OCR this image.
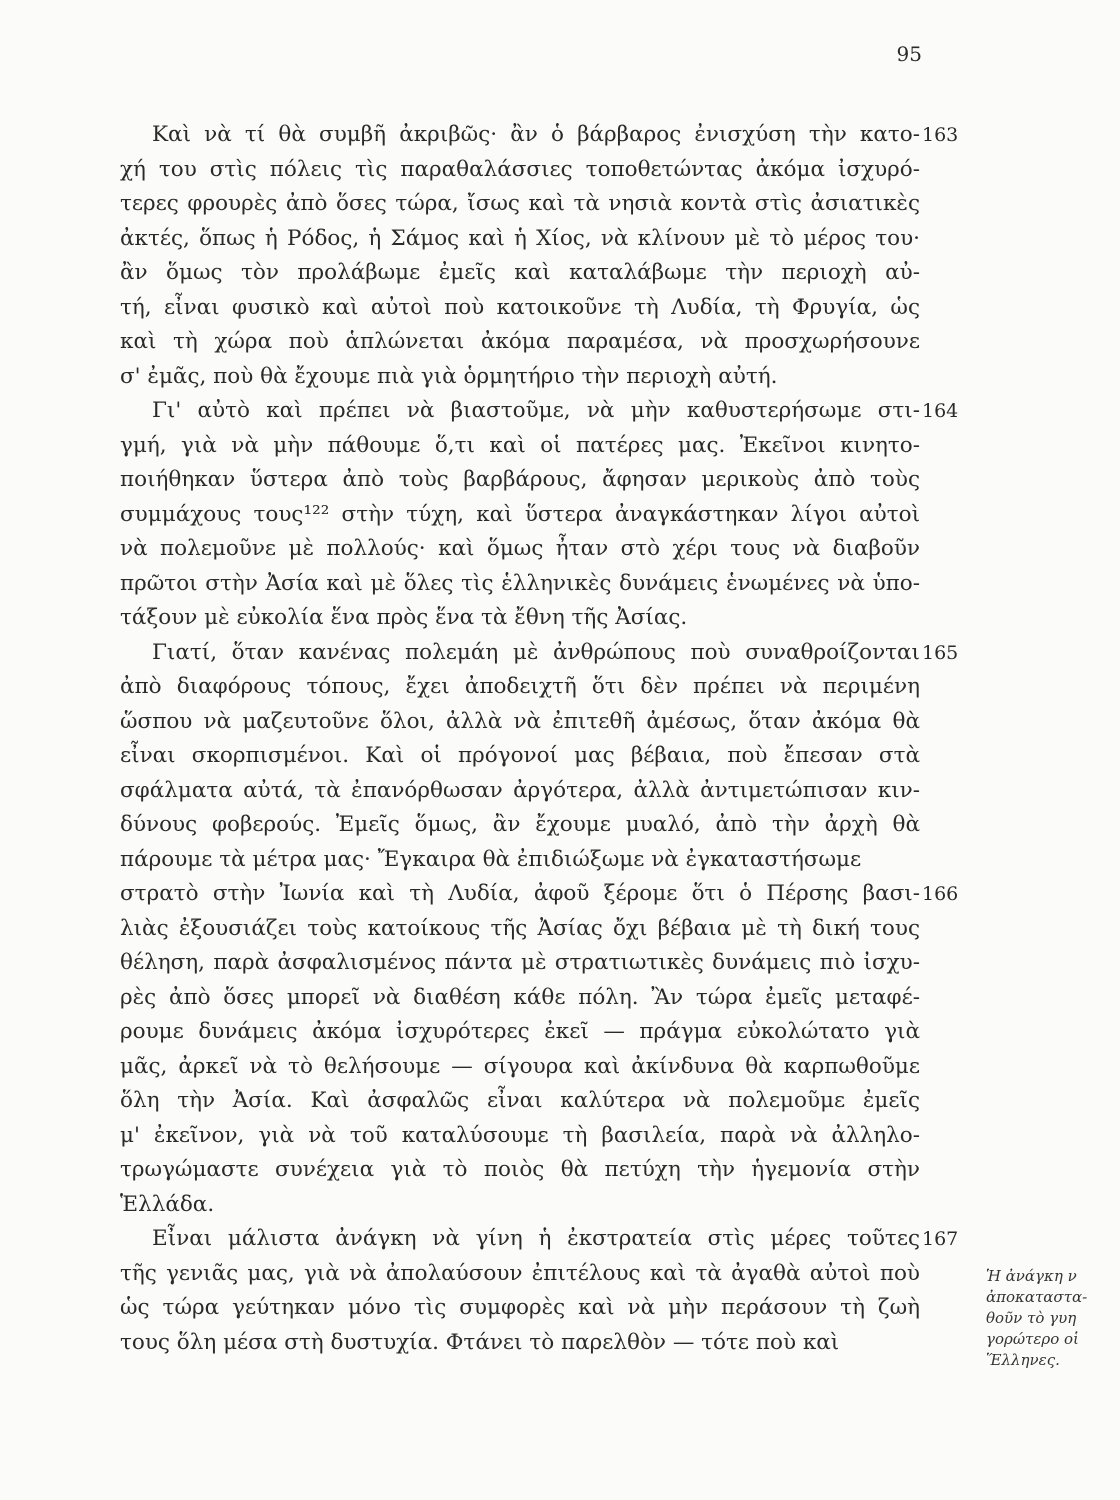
95
Καὶ νὰ τί θὰ συμβῆ ἀκριβῶς· ἂν ὁ βάρβαρος ἐνισχύση τὴν κατο- 163
χή του στὶς πόλεις τὶς παραθαλάσσιες τοποθετώντας ἀκόμα ἰσχυρό-
τερες φρουρὲς ἀπὸ ὅσες τώρα, ἴσως καὶ τὰ νησιὰ κοντὰ στὶς ἀσιατικὲς
ἀκτές, ὅπως ἡ Ρόδος, ἡ Σάμος καὶ ἡ Χίος, νὰ κλίνουν μὲ τὸ μέρος του·
ἂν ὅμως τὸν προλάβωμε ἐμεῖς καὶ καταλάβωμε τὴν περιοχὴ αὐ-
τή, εἶναι φυσικὸ καὶ αὐτοὶ ποὺ κατοικοῦνε τὴ Λυδία, τὴ Φρυγία, ὡς
καὶ τὴ χώρα ποὺ ἁπλώνεται ἀκόμα παραμέσα, νὰ προσχωρήσουνε
σ' ἐμᾶς, ποὺ θὰ ἔχουμε πιὰ γιὰ ὁρμητήριο τὴν περιοχὴ αὐτή.
Γι' αὐτὸ καὶ πρέπει νὰ βιαστοῦμε, νὰ μὴν καθυστερήσωμε στι- 164
γμή, γιὰ νὰ μὴν πάθουμε ὅ,τι καὶ οἱ πατέρες μας. Ἐκεῖνοι κινητο-
ποιήθηκαν ὕστερα ἀπὸ τοὺς βαρβάρους, ἄφησαν μερικοὺς ἀπὸ τοὺς
συμμάχους τους¹²² στὴν τύχη, καὶ ὕστερα ἀναγκάστηκαν λίγοι αὐτοὶ
νὰ πολεμοῦνε μὲ πολλούς· καὶ ὅμως ἦταν στὸ χέρι τους νὰ διαβοῦν
πρῶτοι στὴν Ἀσία καὶ μὲ ὅλες τὶς ἑλληνικὲς δυνάμεις ἑνωμένες νὰ ὑπο-
τάξουν μὲ εὐκολία ἕνα πρὸς ἕνα τὰ ἔθνη τῆς Ἀσίας.
Γιατί, ὅταν κανένας πολεμάη μὲ ἀνθρώπους ποὺ συναθροίζονται 165
ἀπὸ διαφόρους τόπους, ἔχει ἀποδειχτῆ ὅτι δὲν πρέπει νὰ περιμένη
ὥσπου νὰ μαζευτοῦνε ὅλοι, ἀλλὰ νὰ ἐπιτεθῆ ἀμέσως, ὅταν ἀκόμα θὰ
εἶναι σκορπισμένοι. Καὶ οἱ πρόγονοί μας βέβαια, ποὺ ἔπεσαν στὰ
σφάλματα αὐτά, τὰ ἐπανόρθωσαν ἀργότερα, ἀλλὰ ἀντιμετώπισαν κιν-
δύνους φοβερούς. Ἐμεῖς ὅμως, ἂν ἔχουμε μυαλό, ἀπὸ τὴν ἀρχὴ θὰ
πάρουμε τὰ μέτρα μας· Ἔγκαιρα θὰ ἐπιδιώξωμε νὰ ἐγκαταστήσωμε
στρατὸ στὴν Ἰωνία καὶ τὴ Λυδία, ἀφοῦ ξέρομε ὅτι ὁ Πέρσης βασι- 166
λιὰς ἐξουσιάζει τοὺς κατοίκους τῆς Ἀσίας ὄχι βέβαια μὲ τὴ δική τους
θέληση, παρὰ ἀσφαλισμένος πάντα μὲ στρατιωτικὲς δυνάμεις πιὸ ἰσχυ-
ρὲς ἀπὸ ὅσες μπορεῖ νὰ διαθέση κάθε πόλη. Ἂν τώρα ἐμεῖς μεταφέ-
ρουμε δυνάμεις ἀκόμα ἰσχυρότερες ἐκεῖ — πράγμα εὐκολώτατο γιὰ
μᾶς, ἀρκεῖ νὰ τὸ θελήσουμε — σίγουρα καὶ ἀκίνδυνα θὰ καρπωθοῦμε
ὅλη τὴν Ἀσία. Καὶ ἀσφαλῶς εἶναι καλύτερα νὰ πολεμοῦμε ἐμεῖς
μ' ἐκεῖνον, γιὰ νὰ τοῦ καταλύσουμε τὴ βασιλεία, παρὰ νὰ ἀλληλο-
τρωγώμαστε συνέχεια γιὰ τὸ ποιὸς θὰ πετύχη τὴν ἡγεμονία στὴν
Ἑλλάδα.
Εἶναι μάλιστα ἀνάγκη νὰ γίνη ἡ ἐκστρατεία στὶς μέρες τοῦτες 167
τῆς γενιᾶς μας, γιὰ νὰ ἀπολαύσουν ἐπιτέλους καὶ τὰ ἀγαθὰ αὐτοὶ ποὺ
ὡς τώρα γεύτηκαν μόνο τὶς συμφορὲς καὶ νὰ μὴν περάσουν τὴ ζωὴ
τους ὅλη μέσα στὴ δυστυχία. Φτάνει τὸ παρελθὸν — τότε ποὺ καὶ
Ἡ ἀνάγκη ν
ἀποκαταστα-
θοῦν τὸ γυη
γορώτερο οἱ
Ἕλληνες.
